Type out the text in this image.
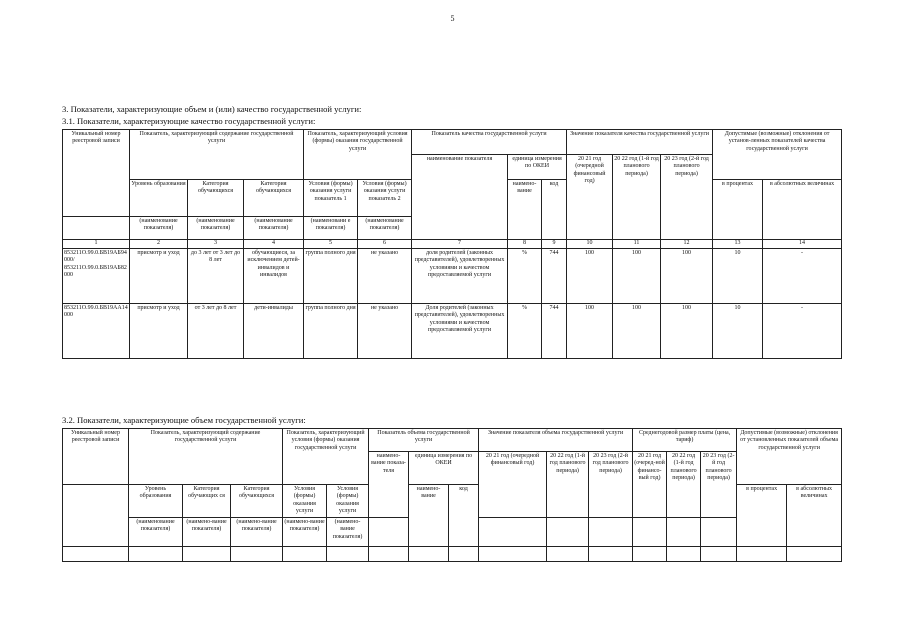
5
3. Показатели, характеризующие объем и (или) качество государственной услуги:
3.1. Показатели, характеризующие качество государственной услуги:
Уникальный номер реестровой записи	Показатель, характеризующий содержание государственной услуги			Показатель, характеризующий условия (формы) оказания государственной услуги		Показатель качества государственной услуги			Значение показателя качества государственной услуги			Допустимые (возможные) отклонения от установ-ленных показателей качества государственной услуги	
						наименование показателя	единица измерения по ОКЕИ		20 21 год (очередной финансовый год)	20 22 год (1-й год планового периода)	20 23 год (2-й год планового периода)		
	Уровень образования	Категория обучающихся	Категория обучающихся	Условия (формы) оказания услуги показатель 1	Условия (формы) оказания услуги показатель 2		наимено-вание	код				в процентах	в абсолютных величинах
	(наименование показателя)	(наименование показателя)	(наименование показателя)	(наименовани е показателя)	(наименование показателя)								
1	2	3	4	5	6	7	8	9	10	11	12	13	14
853211О.99.0.БВ19АБ94000/ 853211О.99.0.БВ19АБ82000	присмотр и уход	до 3 лет от 3 лет до 8 лет	обучающиеся, за исключением детей-инвалидов и инвалидов	группа полного дня	не указано	доля родителей (законных представителей), удовлетворенных условиями и качеством предоставляемой услуги	%	744	100	100	100	10	-
853211О.99.0.БВ19АА14000	присмотр и уход	от 3 лет до 8 лет	дети-инвалиды	группа полного дня	не указано	Доля родителей (законных представителей), удовлетворенных условиями и качеством предоставляемой услуги	%	744	100	100	100	10	-
3.2. Показатели, характеризующие объем государственной услуги:
Уникальный номер реестровой записи	Показатель, характеризующий содержание государственной услуги			Показатель, характеризующий условия (формы) оказания государственной услуги		Показатель объема государственной услуги			Значение показателя объема государственной услуги			Среднегодовой размер платы (цена, тариф)			Допустимые (возможные) отклонения от установленных показателей объема государственной услуги	
						наимено-вание показа-теля	единица измерения по ОКЕИ		20 21 год (очередной финансовый год)	20 22 год (1-й год планового периода)	20 23 год (2-й год планового периода)	20 21 год (очеред-ной финансо-вый год)	20 22 год (1-й год планового периода)	20 23 год (2-й год планового периода)		
	Уровень образования	Категория обучающих ся	Категория обучающихся	Условия (формы) оказания услуги	Условия (формы) оказания услуги		наимено-вание	код							в процентах	в абсолютных величинах
	(наименование показателя)	(наимено-вание показателя)	(наимено-вание показателя)	(наимено-вание показателя)	(наимено-вание показателя)											
